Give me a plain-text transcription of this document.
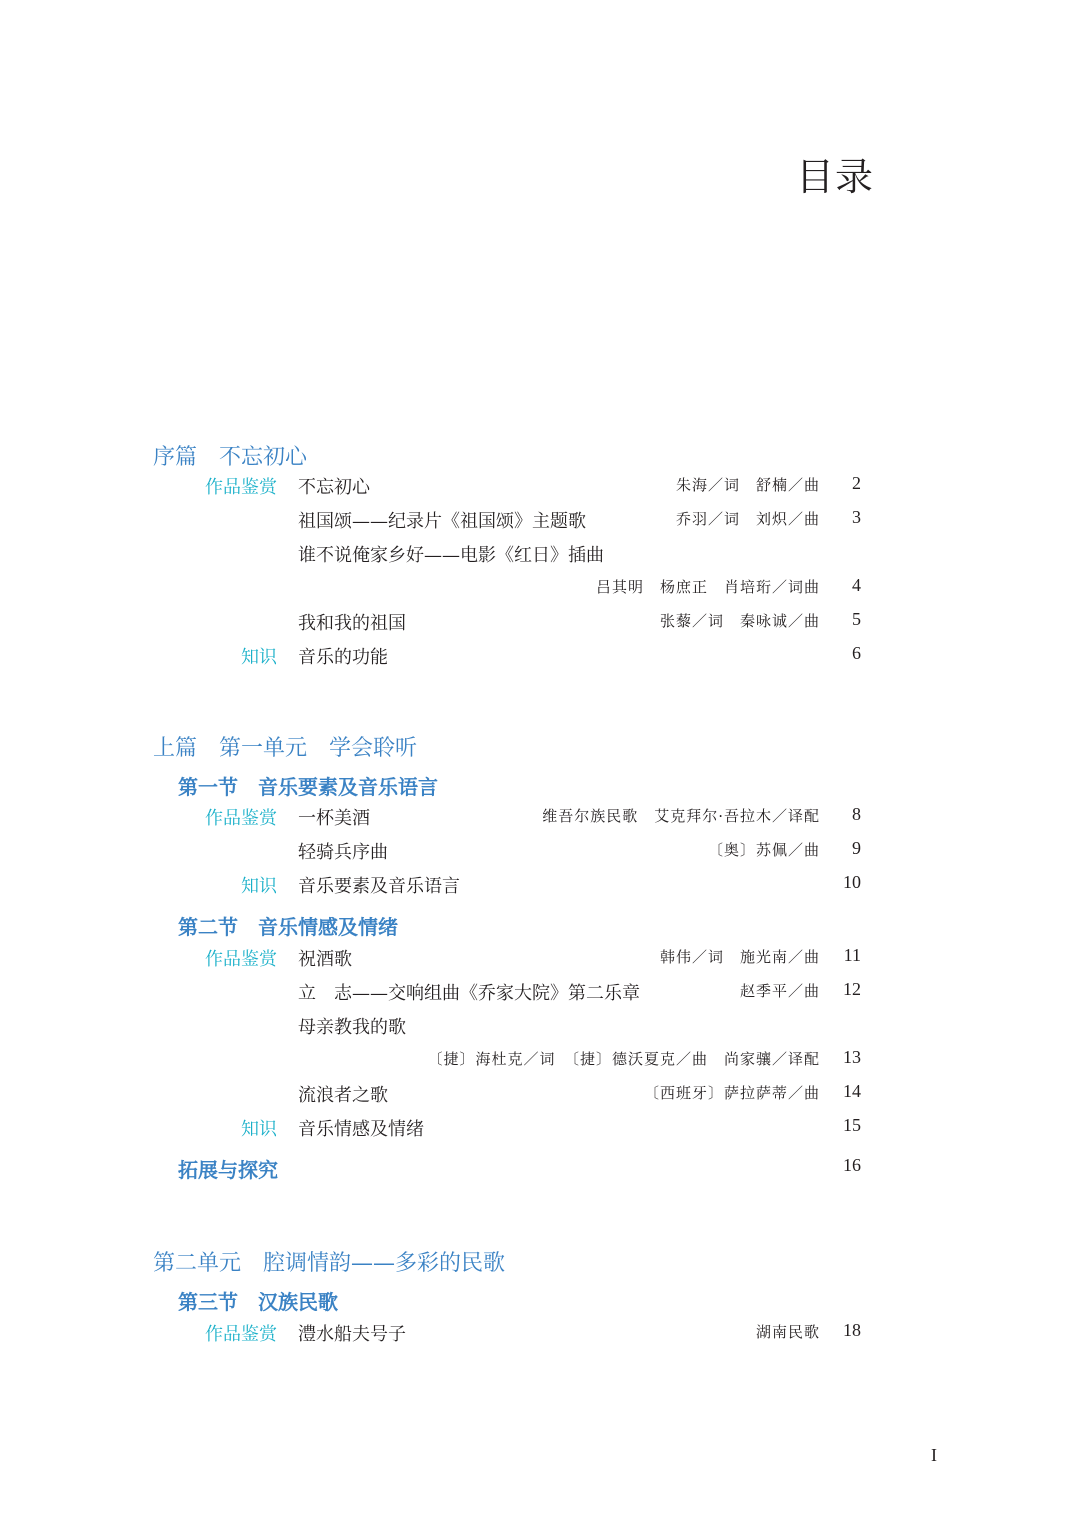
目录
序篇　不忘初心
作品鉴赏 不忘初心	朱海／词　舒楠／曲 2
祖国颂——纪录片《祖国颂》主题歌	乔羽／词　刘炽／曲 3
谁不说俺家乡好——电影《红日》插曲
吕其明　杨庶正　肖培珩／词曲 4
我和我的祖国	张藜／词　秦咏诚／曲 5
知识 音乐的功能	6
上篇　第一单元　学会聆听
第一节　音乐要素及音乐语言
作品鉴赏 一杯美酒	维吾尔族民歌　艾克拜尔·吾拉木／译配 8
轻骑兵序曲	〔奥〕苏佩／曲 9
知识 音乐要素及音乐语言	10
第二节　音乐情感及情绪
作品鉴赏 祝酒歌	韩伟／词　施光南／曲 11
立　志——交响组曲《乔家大院》第二乐章	赵季平／曲 12
母亲教我的歌
〔捷〕海杜克／词　〔捷〕德沃夏克／曲　尚家骧／译配 13
流浪者之歌	〔西班牙〕萨拉萨蒂／曲 14
知识 音乐情感及情绪	15
拓展与探究	16
第二单元　腔调情韵——多彩的民歌
第三节　汉族民歌
作品鉴赏 澧水船夫号子	湖南民歌 18
I
